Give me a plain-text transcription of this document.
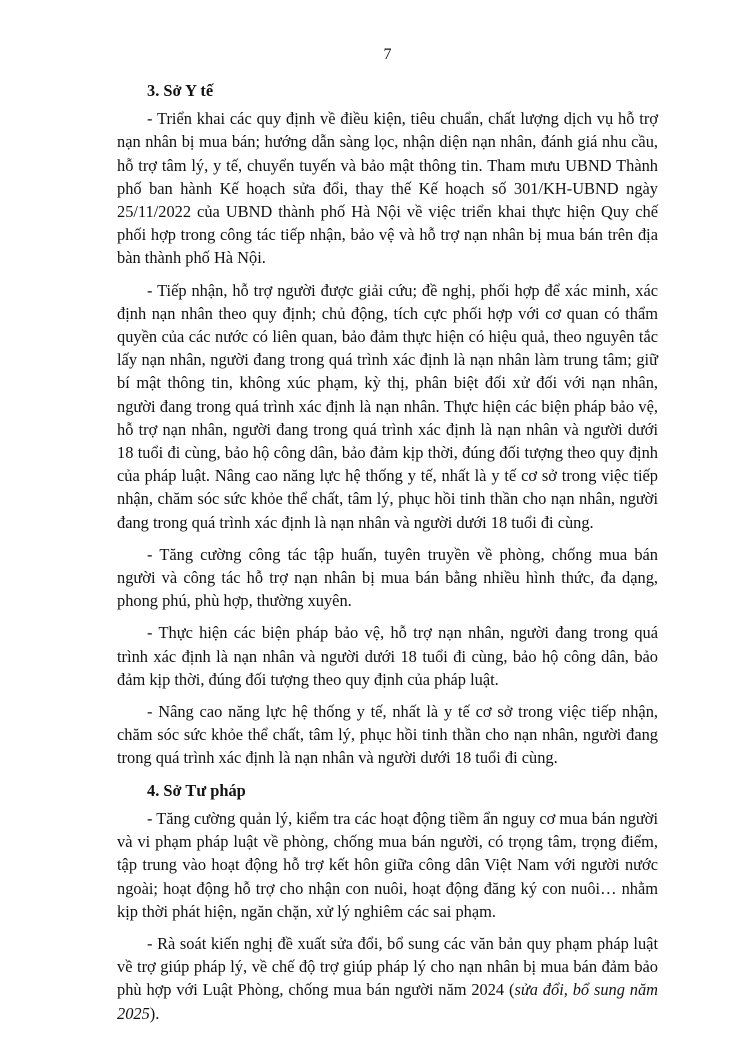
7
3. Sở Y tế

- Triển khai các quy định về điều kiện, tiêu chuẩn, chất lượng dịch vụ hỗ trợ nạn nhân bị mua bán; hướng dẫn sàng lọc, nhận diện nạn nhân, đánh giá nhu cầu, hỗ trợ tâm lý, y tế, chuyển tuyến và bảo mật thông tin. Tham mưu UBND Thành phố ban hành Kế hoạch sửa đổi, thay thế Kế hoạch số 301/KH-UBND ngày 25/11/2022 của UBND thành phố Hà Nội về việc triển khai thực hiện Quy chế phối hợp trong công tác tiếp nhận, bảo vệ và hỗ trợ nạn nhân bị mua bán trên địa bàn thành phố Hà Nội.

- Tiếp nhận, hỗ trợ người được giải cứu; đề nghị, phối hợp để xác minh, xác định nạn nhân theo quy định; chủ động, tích cực phối hợp với cơ quan có thẩm quyền của các nước có liên quan, bảo đảm thực hiện có hiệu quả, theo nguyên tắc lấy nạn nhân, người đang trong quá trình xác định là nạn nhân làm trung tâm; giữ bí mật thông tin, không xúc phạm, kỳ thị, phân biệt đối xử đối với nạn nhân, người đang trong quá trình xác định là nạn nhân. Thực hiện các biện pháp bảo vệ, hỗ trợ nạn nhân, người đang trong quá trình xác định là nạn nhân và người dưới 18 tuổi đi cùng, bảo hộ công dân, bảo đảm kịp thời, đúng đối tượng theo quy định của pháp luật. Nâng cao năng lực hệ thống y tế, nhất là y tế cơ sở trong việc tiếp nhận, chăm sóc sức khỏe thể chất, tâm lý, phục hồi tinh thần cho nạn nhân, người đang trong quá trình xác định là nạn nhân và người dưới 18 tuổi đi cùng.

- Tăng cường công tác tập huấn, tuyên truyền về phòng, chống mua bán người và công tác hỗ trợ nạn nhân bị mua bán bằng nhiều hình thức, đa dạng, phong phú, phù hợp, thường xuyên.

- Thực hiện các biện pháp bảo vệ, hỗ trợ nạn nhân, người đang trong quá trình xác định là nạn nhân và người dưới 18 tuổi đi cùng, bảo hộ công dân, bảo đảm kịp thời, đúng đối tượng theo quy định của pháp luật.

- Nâng cao năng lực hệ thống y tế, nhất là y tế cơ sở trong việc tiếp nhận, chăm sóc sức khỏe thể chất, tâm lý, phục hồi tinh thần cho nạn nhân, người đang trong quá trình xác định là nạn nhân và người dưới 18 tuổi đi cùng.

4. Sở Tư pháp

- Tăng cường quản lý, kiểm tra các hoạt động tiềm ẩn nguy cơ mua bán người và vi phạm pháp luật về phòng, chống mua bán người, có trọng tâm, trọng điểm, tập trung vào hoạt động hỗ trợ kết hôn giữa công dân Việt Nam với người nước ngoài; hoạt động hỗ trợ cho nhận con nuôi, hoạt động đăng ký con nuôi… nhằm kịp thời phát hiện, ngăn chặn, xử lý nghiêm các sai phạm.

- Rà soát kiến nghị đề xuất sửa đổi, bổ sung các văn bản quy phạm pháp luật về trợ giúp pháp lý, về chế độ trợ giúp pháp lý cho nạn nhân bị mua bán đảm bảo phù hợp với Luật Phòng, chống mua bán người năm 2024 (sửa đổi, bổ sung năm 2025).
